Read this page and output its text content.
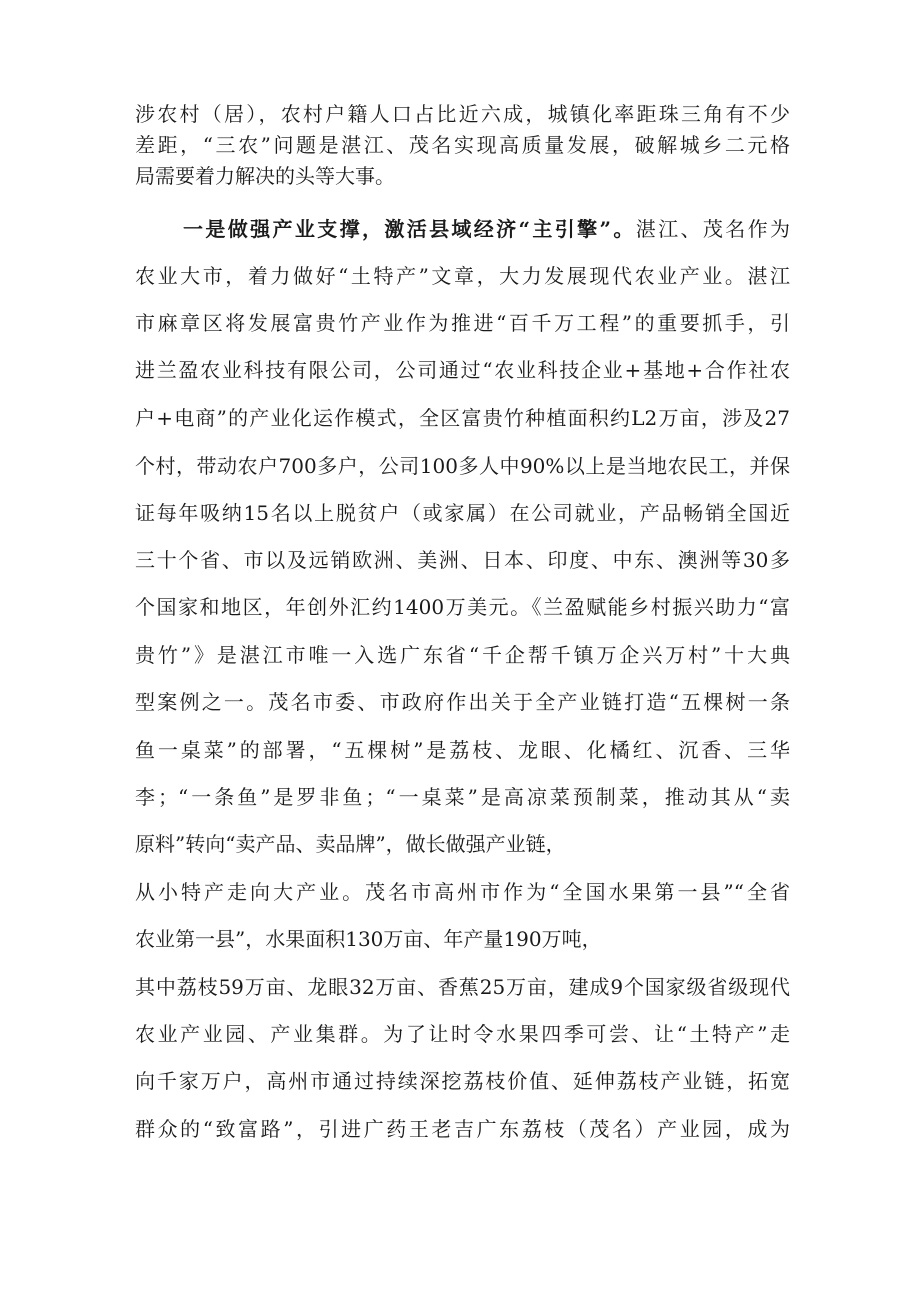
涉农村（居），农村户籍人口占比近六成，城镇化率距珠三角有不少
差距，“三农”问题是湛江、茂名实现高质量发展，破解城乡二元格
局需要着力解决的头等大事。
一是做强产业支撑，激活县域经济“主引擎”。湛江、茂名作为
农业大市，着力做好“土特产”文章，大力发展现代农业产业。湛江
市麻章区将发展富贵竹产业作为推进“百千万工程”的重要抓手，引
进兰盈农业科技有限公司，公司通过“农业科技企业+基地+合作社农
户+电商”的产业化运作模式，全区富贵竹种植面积约L2万亩，涉及27
个村，带动农户700多户，公司100多人中90%以上是当地农民工，并保
证每年吸纳15名以上脱贫户（或家属）在公司就业，产品畅销全国近
三十个省、市以及远销欧洲、美洲、日本、印度、中东、澳洲等30多
个国家和地区，年创外汇约1400万美元。《兰盈赋能乡村振兴助力“富
贵竹”》是湛江市唯一入选广东省“千企帮千镇万企兴万村”十大典
型案例之一。茂名市委、市政府作出关于全产业链打造“五棵树一条
鱼一桌菜”的部署，“五棵树”是荔枝、龙眼、化橘红、沉香、三华
李；“一条鱼”是罗非鱼；“一桌菜”是高凉菜预制菜，推动其从“卖
原料”转向“卖产品、卖品牌”，做长做强产业链，
从小特产走向大产业。茂名市高州市作为“全国水果第一县”“全省
农业第一县”，水果面积130万亩、年产量190万吨，
其中荔枝59万亩、龙眼32万亩、香蕉25万亩，建成9个国家级省级现代
农业产业园、产业集群。为了让时令水果四季可尝、让“土特产”走
向千家万户，高州市通过持续深挖荔枝价值、延伸荔枝产业链，拓宽
群众的“致富路”，引进广药王老吉广东荔枝（茂名）产业园，成为
